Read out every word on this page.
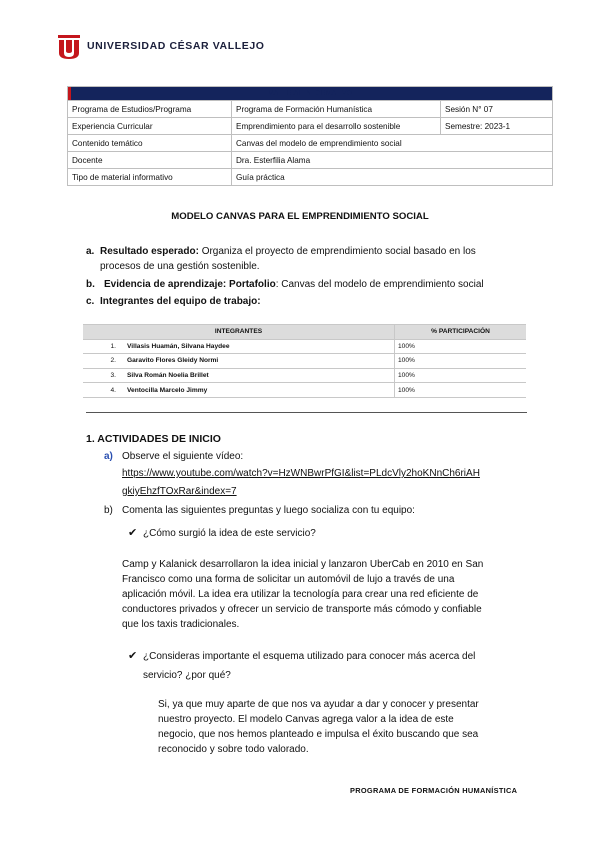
UNIVERSIDAD CÉSAR VALLEJO
MATERIAL INFORMATIVO		
Programa de Estudios/Programa	Programa de Formación Humanística	Sesión N° 07
Experiencia Curricular	Emprendimiento para el desarrollo sostenible	Semestre: 2023-1
Contenido temático	Canvas del modelo de emprendimiento social	
Docente	Dra. Esterfilia Alama	
Tipo de material informativo	Guía práctica	
MODELO CANVAS PARA EL EMPRENDIMIENTO SOCIAL
a. Resultado esperado: Organiza el proyecto de emprendimiento social basado en los
procesos de una gestión sostenible.
b. Evidencia de aprendizaje: Portafolio: Canvas del modelo de emprendimiento social
c. Integrantes del equipo de trabajo:
INTEGRANTES		% PARTICIPACIÓN
1.	Villasis Huamán, Silvana Haydee	100%
2.	Garavito Flores Gleidy Normi	100%
3.	Silva Román Noelia Brillet	100%
4.	Ventocilla Marcelo Jimmy	100%
1. ACTIVIDADES DE INICIO
a) Observe el siguiente vídeo:
https://www.youtube.com/watch?v=HzWNBwrPfGI&list=PLdcVly2hoKNnCh6riAH
gkiyEhzfTOxRar&index=7
b) Comenta las siguientes preguntas y luego socializa con tu equipo:
✔ ¿Cómo surgió la idea de este servicio?
Camp y Kalanick desarrollaron la idea inicial y lanzaron UberCab en 2010 en San
Francisco como una forma de solicitar un automóvil de lujo a través de una
aplicación móvil. La idea era utilizar la tecnología para crear una red eficiente de
conductores privados y ofrecer un servicio de transporte más cómodo y confiable
que los taxis tradicionales.
✔ ¿Consideras importante el esquema utilizado para conocer más acerca del
servicio? ¿por qué?
Si, ya que muy aparte de que nos va ayudar a dar y conocer y presentar
nuestro proyecto. El modelo Canvas agrega valor a la idea de este
negocio, que nos hemos planteado e impulsa el éxito buscando que sea
reconocido y sobre todo valorado.
PROGRAMA DE FORMACIÓN HUMANÍSTICA
